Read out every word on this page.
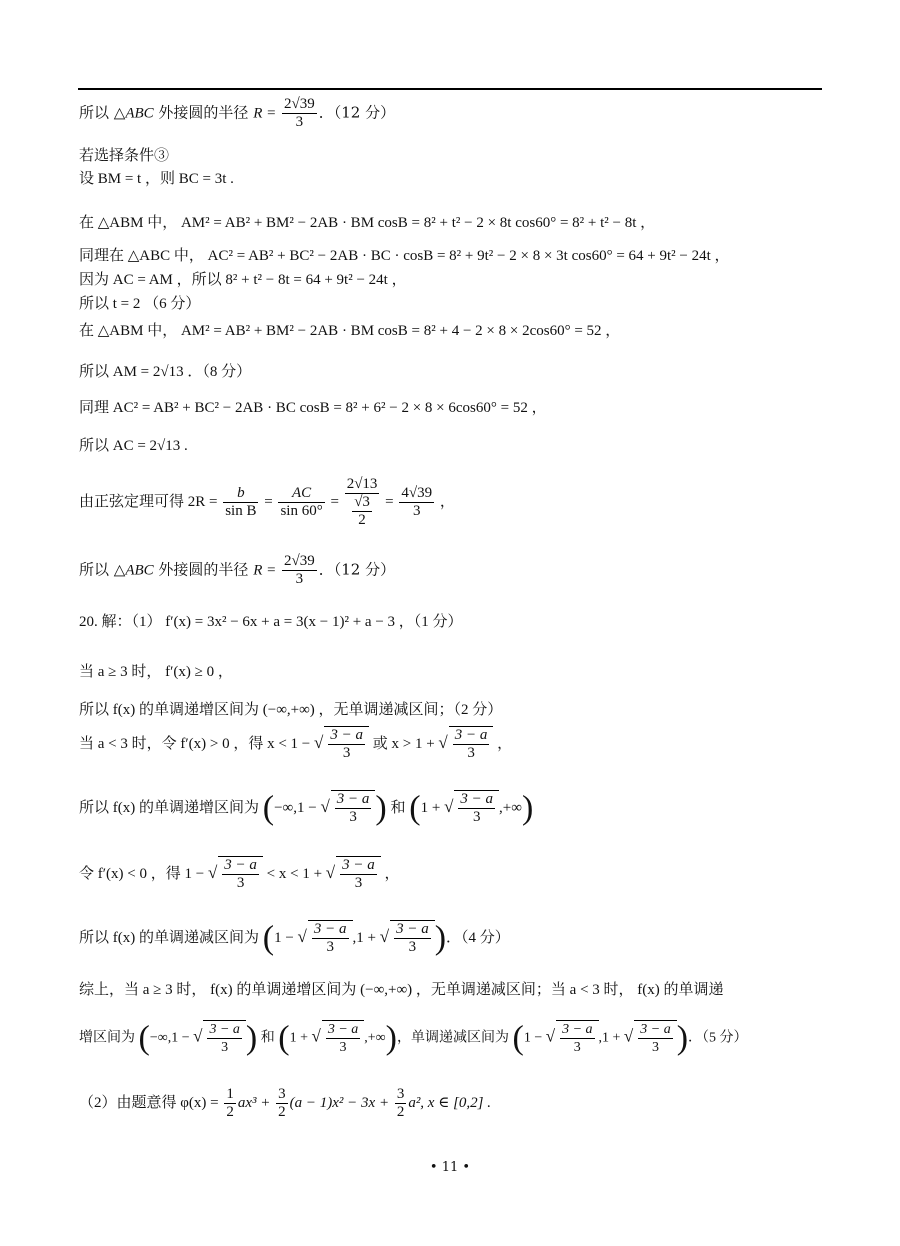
所以 △ABC 外接圆的半径 $R = \frac{2√39}{3}$ ．（12 分）
若选择条件③
设 BM = t ，则 BC = 3t .
在 △ABM 中， AM² = AB² + BM² − 2AB · BM cosB = 8² + t² − 2 × 8t cos60° = 8² + t² − 8t ，
同理在 △ABC 中， AC² = AB² + BC² − 2AB · BC · cosB = 8² + 9t² − 2 × 8 × 3t cos60° = 64 + 9t² − 24t ，
因为 AC = AM ，所以 8² + t² − 8t = 64 + 9t² − 24t ，
所以 t = 2 （6 分）
在 △ABM 中， AM² = AB² + BM² − 2AB · BM cosB = 8² + 4 − 2 × 8 × 2cos60° = 52 ，
所以 AM = 2√13 ．（8 分）
同理 AC² = AB² + BC² − 2AB · BC cosB = 8² + 6² − 2 × 8 × 6cos60° = 52 ，
所以 AC = 2√13 .
由正弦定理可得 $2R = \frac{b}{\text{sin B}} = \frac{AC}{\sin 60^\circ} = \frac{2√13}{\frac{√3}{2}} = \frac{4√39}{3}$ ，
所以 △ABC 外接圆的半径 $R = \frac{2√39}{3}$ ．（12 分）
20. 解：（1） f′(x) = 3x² − 6x + a = 3(x − 1)² + a − 3 ，（1 分）
当 a ≥ 3 时， f′(x) ≥ 0 ，
所以 f(x) 的单调递增区间为 (−∞,+∞) ，无单调递减区间；（2 分）
当 a < 3 时，令 f′(x) > 0 ，得 x < 1 − √ $\frac{3 - a}{3}$ 或 x > 1 + √ $\frac{3 - a}{3}$ ，
所以 f(x) 的单调递增区间为 (−∞,1 − √ $\frac{3 - a}{3}$ ) 和 (1 + √ $\frac{3 - a}{3}$ ,+∞)
令 f′(x) < 0 ，得 1 − √ $\frac{3 - a}{3} < x < 1$ + √ $\frac{3 - a}{3}$ ，
所以 f(x) 的单调递减区间为 (1 − √ $\frac{3 - a}{3} ,1$ + √ $\frac{3 - a}{3}$ )．（4 分）
综上，当 a ≥ 3 时， f(x) 的单调递增区间为 (−∞,+∞) ，无单调递减区间；当 a < 3 时， f(x) 的单调递
增区间为 (−∞,1 − √ $\frac{3 - a}{3}$ ) 和 (1 + √ $\frac{3 - a}{3}$ ,+∞)，单调递减区间为 (1 − √ $\frac{3 - a}{3} ,1$ + √ $\frac{3 - a}{3}$ )．（5 分）
（2）由题意得 $\varphi(x) = \frac{1}{2} ax^3 + \frac{3}{2} (a - 1)x^2 - 3x + \frac{3}{2} a^2$, x ∈ [0,2] .
• 11 •
